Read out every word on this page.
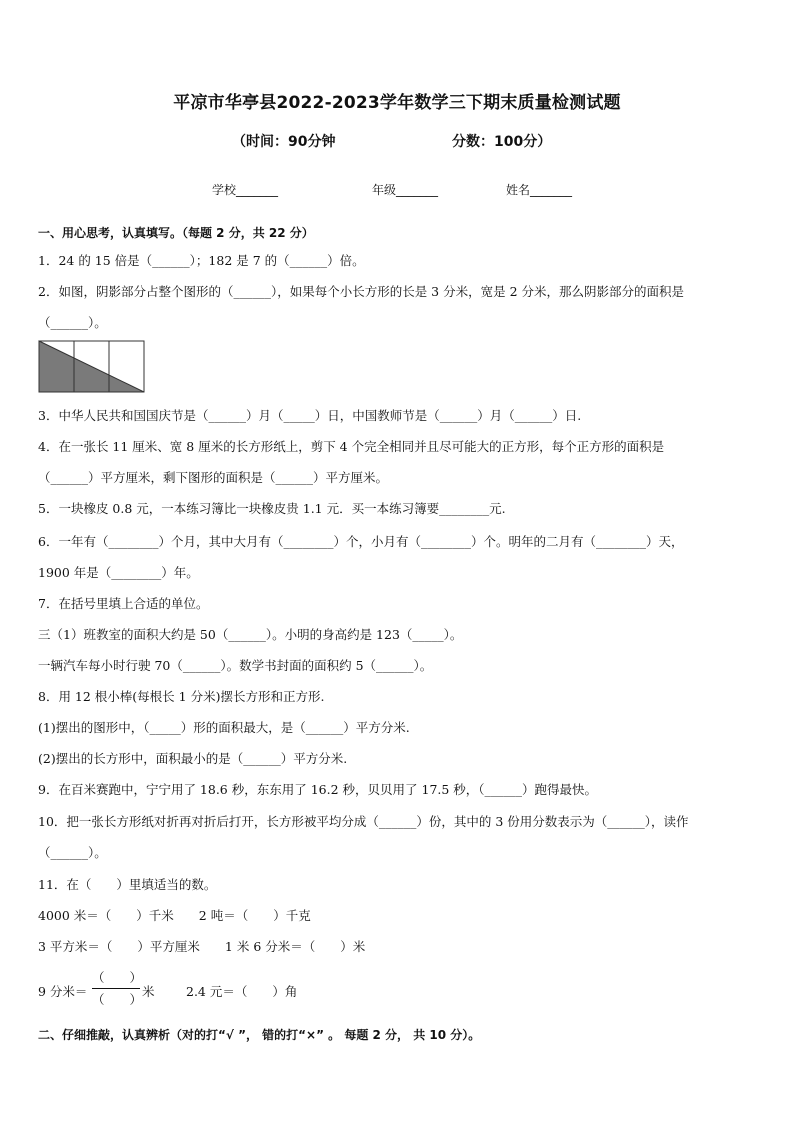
平凉市华亭县2022-2023学年数学三下期末质量检测试题
（时间：90分钟	分数：100分）
学校_______	年级_______	姓名_______
一、用心思考，认真填写。（每题 2 分，共 22 分）
1．24 的 15 倍是（______）；182 是 7 的（______）倍。
2．如图，阴影部分占整个图形的（______），如果每个小长方形的长是 3 分米，宽是 2 分米，那么阴影部分的面积是
（______）。
3．中华人民共和国国庆节是（______）月（_____）日，中国教师节是（______）月（______）日.
4．在一张长 11 厘米、宽 8 厘米的长方形纸上，剪下 4 个完全相同并且尽可能大的正方形，每个正方形的面积是
（______）平方厘米，剩下图形的面积是（______）平方厘米。
5．一块橡皮 0.8 元，一本练习簿比一块橡皮贵 1.1 元．买一本练习簿要________元.
6．一年有（________）个月，其中大月有（________）个，小月有（________）个。明年的二月有（________）天，
1900 年是（________）年。
7．在括号里填上合适的单位。
三（1）班教室的面积大约是 50（______）。小明的身高约是 123（_____）。
一辆汽车每小时行驶 70（______）。数学书封面的面积约 5（______）。
8．用 12 根小棒(每根长 1 分米)摆长方形和正方形.
(1)摆出的图形中，（_____）形的面积最大，是（______）平方分米.
(2)摆出的长方形中，面积最小的是（______）平方分米.
9．在百米赛跑中，宁宁用了 18.6 秒，东东用了 16.2 秒，贝贝用了 17.5 秒，（______）跑得最快。
10．把一张长方形纸对折再对折后打开，长方形被平均分成（______）份，其中的 3 份用分数表示为（______），读作
（______）。
11．在（　　）里填适当的数。
4000 米＝（　　）千米　　2 吨＝（　　）千克
3 平方米＝（　　）平方厘米　　1 米 6 分米＝（　　）米
9 分米＝
（　　）
（　　）
米	2.4 元＝（　　）角
二、仔细推敲，认真辨析（对的打“√ ”， 错的打“×” 。 每题 2 分， 共 10 分）。
